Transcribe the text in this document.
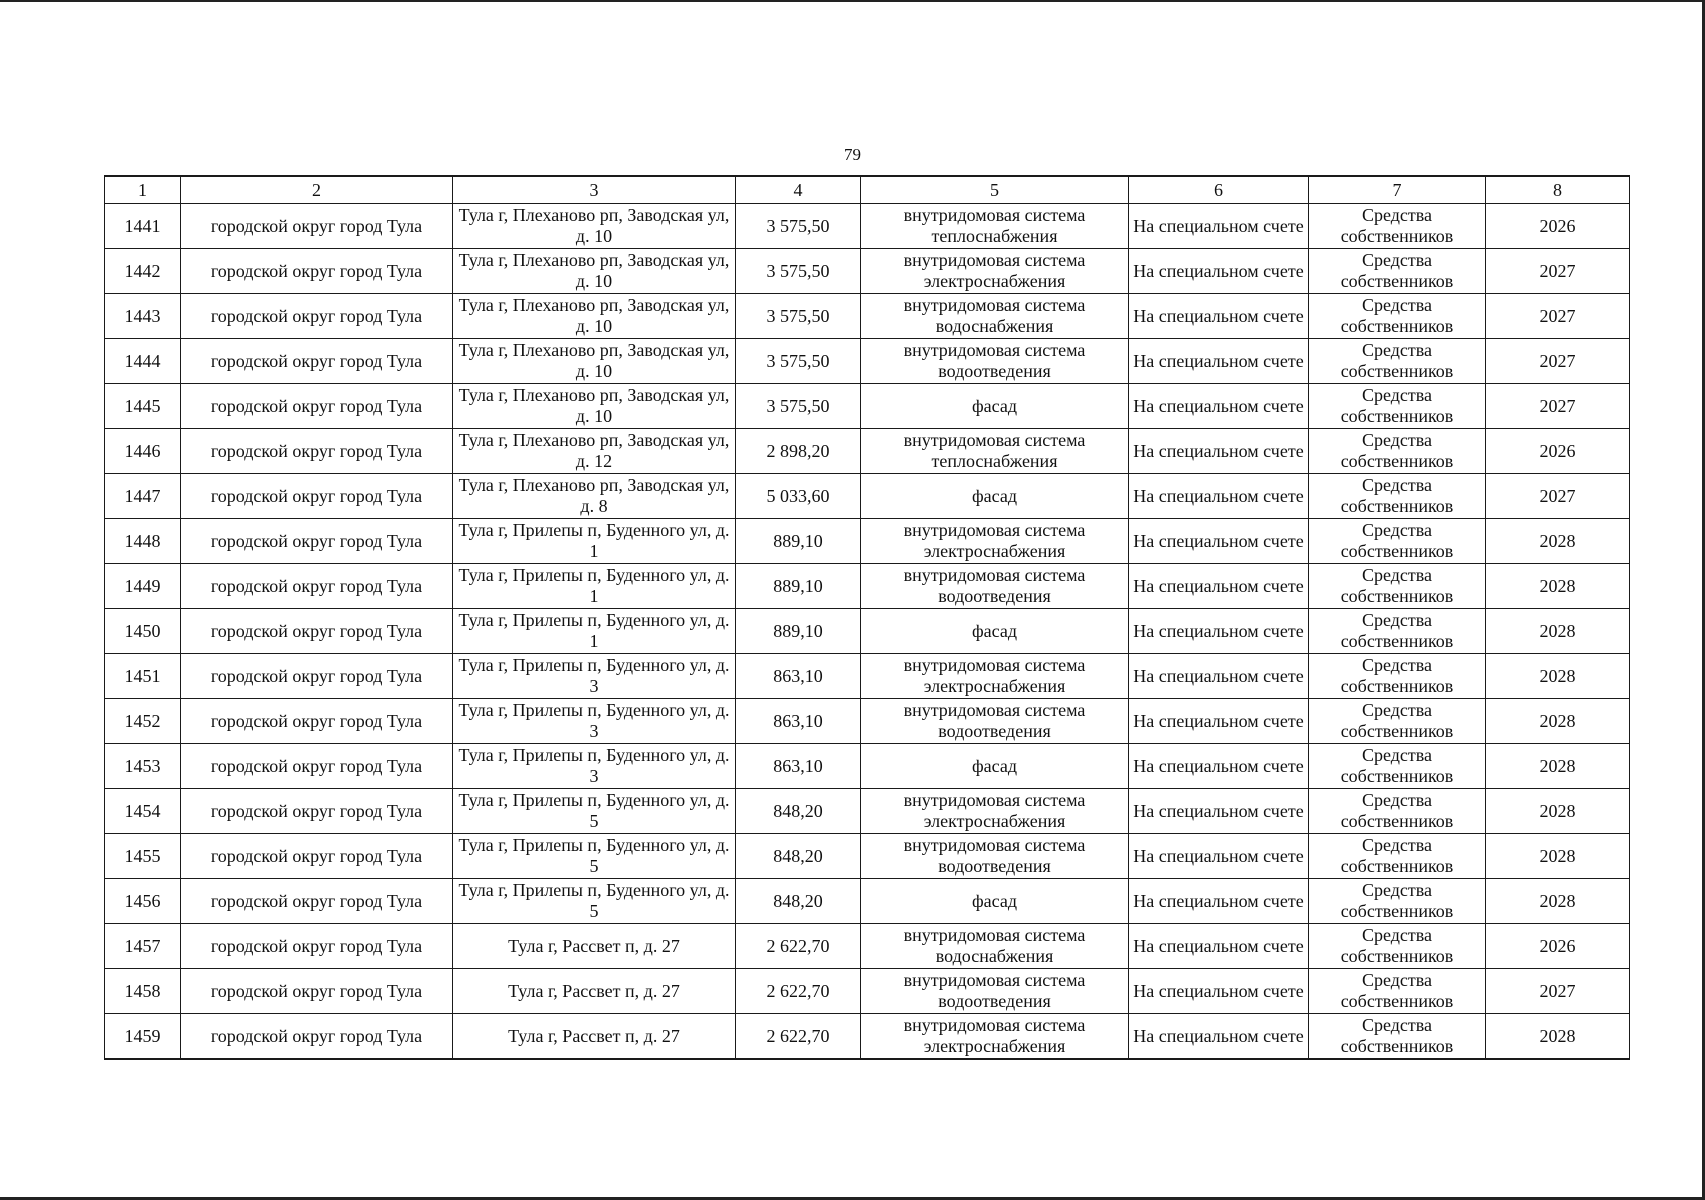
79
1	2	3	4	5	6	7	8
1441	городской округ город Тула	Тула г, Плеханово рп, Заводская ул, д. 10	3 575,50	внутридомовая система теплоснабжения	На специальном счете	Средства собственников	2026
1442	городской округ город Тула	Тула г, Плеханово рп, Заводская ул, д. 10	3 575,50	внутридомовая система электроснабжения	На специальном счете	Средства собственников	2027
1443	городской округ город Тула	Тула г, Плеханово рп, Заводская ул, д. 10	3 575,50	внутридомовая система водоснабжения	На специальном счете	Средства собственников	2027
1444	городской округ город Тула	Тула г, Плеханово рп, Заводская ул, д. 10	3 575,50	внутридомовая система водоотведения	На специальном счете	Средства собственников	2027
1445	городской округ город Тула	Тула г, Плеханово рп, Заводская ул, д. 10	3 575,50	фасад	На специальном счете	Средства собственников	2027
1446	городской округ город Тула	Тула г, Плеханово рп, Заводская ул, д. 12	2 898,20	внутридомовая система теплоснабжения	На специальном счете	Средства собственников	2026
1447	городской округ город Тула	Тула г, Плеханово рп, Заводская ул, д. 8	5 033,60	фасад	На специальном счете	Средства собственников	2027
1448	городской округ город Тула	Тула г, Прилепы п, Буденного ул, д. 1	889,10	внутридомовая система электроснабжения	На специальном счете	Средства собственников	2028
1449	городской округ город Тула	Тула г, Прилепы п, Буденного ул, д. 1	889,10	внутридомовая система водоотведения	На специальном счете	Средства собственников	2028
1450	городской округ город Тула	Тула г, Прилепы п, Буденного ул, д. 1	889,10	фасад	На специальном счете	Средства собственников	2028
1451	городской округ город Тула	Тула г, Прилепы п, Буденного ул, д. 3	863,10	внутридомовая система электроснабжения	На специальном счете	Средства собственников	2028
1452	городской округ город Тула	Тула г, Прилепы п, Буденного ул, д. 3	863,10	внутридомовая система водоотведения	На специальном счете	Средства собственников	2028
1453	городской округ город Тула	Тула г, Прилепы п, Буденного ул, д. 3	863,10	фасад	На специальном счете	Средства собственников	2028
1454	городской округ город Тула	Тула г, Прилепы п, Буденного ул, д. 5	848,20	внутридомовая система электроснабжения	На специальном счете	Средства собственников	2028
1455	городской округ город Тула	Тула г, Прилепы п, Буденного ул, д. 5	848,20	внутридомовая система водоотведения	На специальном счете	Средства собственников	2028
1456	городской округ город Тула	Тула г, Прилепы п, Буденного ул, д. 5	848,20	фасад	На специальном счете	Средства собственников	2028
1457	городской округ город Тула	Тула г, Рассвет п, д. 27	2 622,70	внутридомовая система водоснабжения	На специальном счете	Средства собственников	2026
1458	городской округ город Тула	Тула г, Рассвет п, д. 27	2 622,70	внутридомовая система водоотведения	На специальном счете	Средства собственников	2027
1459	городской округ город Тула	Тула г, Рассвет п, д. 27	2 622,70	внутридомовая система электроснабжения	На специальном счете	Средства собственников	2028
